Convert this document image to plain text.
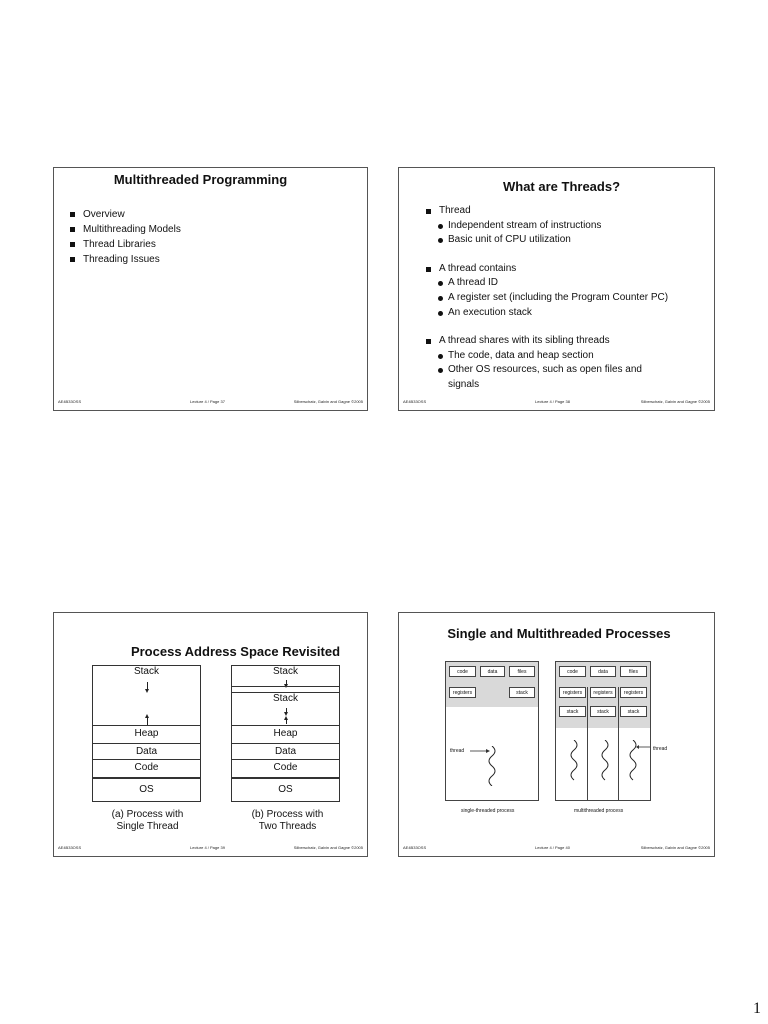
Multithreaded Programming
Overview
Multithreading Models
Thread Libraries
Threading Issues
AE4B33OSS	Lecture 4 / Page 37	Silberschatz, Galvin and Gagne ©2005
What are Threads?
Thread
Independent stream of instructions
Basic unit of CPU utilization
A thread contains
A thread ID
A register set (including the Program Counter PC)
An execution stack
A thread shares with its sibling threads
The code, data and heap section
Other OS resources, such as open files and
signals
AE4B33OSS	Lecture 4 / Page 38	Silberschatz, Galvin and Gagne ©2005
Process Address Space Revisited
Stack
Heap
Data
Code
OS
Stack
Stack
Heap
Data
Code
OS
(a) Process with
Single Thread
(b) Process with
Two Threads
AE4B33OSS	Lecture 4 / Page 39	Silberschatz, Galvin and Gagne ©2005
Single and Multithreaded Processes
code	data	files
registers	stack
thread
code	data	files
registers	registers	registers
stack	stack	stack
thread
single-threaded process	multithreaded process
AE4B33OSS	Lecture 4 / Page 40	Silberschatz, Galvin and Gagne ©2005
1
